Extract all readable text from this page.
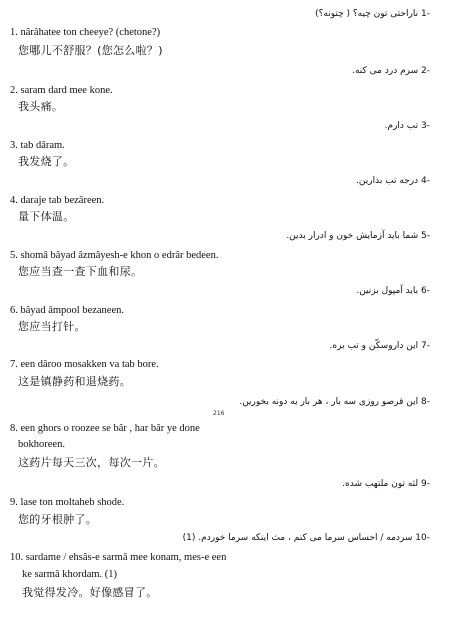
-1 ناراحتی تون چیه؟ ( چتونه؟)
1. nârâhatee ton cheeye? (chetone?)
您哪儿不舒服？(您怎么啦？)
-2 سرم درد می کنه.
2. saram dard mee kone.
我头痛。
-3 تب دارم.
3. tab dâram.
我发烧了。
-4 درجه تب بذارین.
4. daraje tab bezâreen.
量下体温。
-5 شما باید آزمایش خون و ادرار بدین.
5. shomâ bâyad âzmâyesh-e khon o edrâr bedeen.
您应当查一查下血和尿。
-6 باید آمپول بزنین.
6. bâyad âmpool bezaneen.
您应当打针。
-7 این داروسکّن و تب بره.
7. een dâroo mosakken va tab bore.
这是镇静药和退烧药。
-8 این قرصو روزی سه بار ، هر بار یه دونه بخورین.
216
8. een ghors o roozee se bâr , har bâr ye done
bokhoreen.
这药片每天三次，每次一片。
-9 لثه تون ملتهب شده.
9. lase ton moltaheb shode.
您的牙根肿了。
-10 سردمه / احساس سرما می کنم ، مث اینکه سرما خوردم. (1)
10. sardame / ehsâs-e sarmâ mee konam, mes-e een
ke sarmâ khordam. (1)
我觉得发冷。好像感冒了。
